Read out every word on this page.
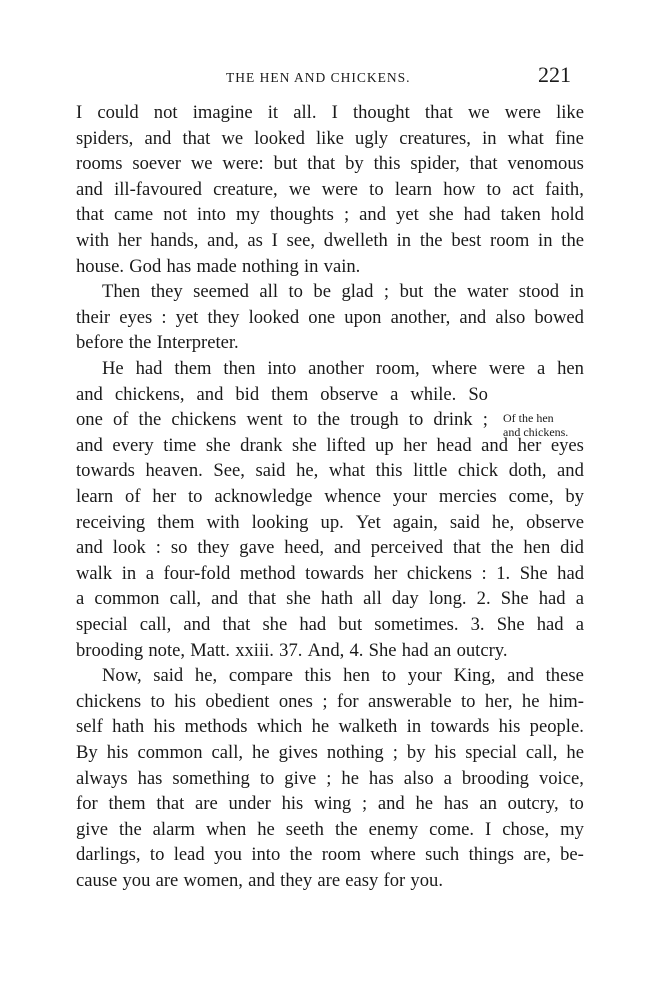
THE HEN AND CHICKENS.	221
I could not imagine it all. I thought that we were like
spiders, and that we looked like ugly creatures, in what fine
rooms soever we were: but that by this spider, that venomous
and ill-favoured creature, we were to learn how to act faith,
that came not into my thoughts ; and yet she had taken hold
with her hands, and, as I see, dwelleth in the best room in the
house. God has made nothing in vain.
Then they seemed all to be glad ; but the water stood in
their eyes : yet they looked one upon another, and also bowed
before the Interpreter.
He had them then into another room, where were a hen
and chickens, and bid them observe a while. So
one of the chickens went to the trough to drink ;
and every time she drank she lifted up her head and her eyes
towards heaven. See, said he, what this little chick doth, and
learn of her to acknowledge whence your mercies come, by
receiving them with looking up. Yet again, said he, observe
and look : so they gave heed, and perceived that the hen did
walk in a four-fold method towards her chickens : 1. She had
a common call, and that she hath all day long. 2. She had a
special call, and that she had but sometimes. 3. She had a
brooding note, Matt. xxiii. 37. And, 4. She had an outcry.
Now, said he, compare this hen to your King, and these
chickens to his obedient ones ; for answerable to her, he him-
self hath his methods which he walketh in towards his people.
By his common call, he gives nothing ; by his special call, he
always has something to give ; he has also a brooding voice,
for them that are under his wing ; and he has an outcry, to
give the alarm when he seeth the enemy come. I chose, my
darlings, to lead you into the room where such things are, be-
cause you are women, and they are easy for you.
Of the hen
and chickens.
